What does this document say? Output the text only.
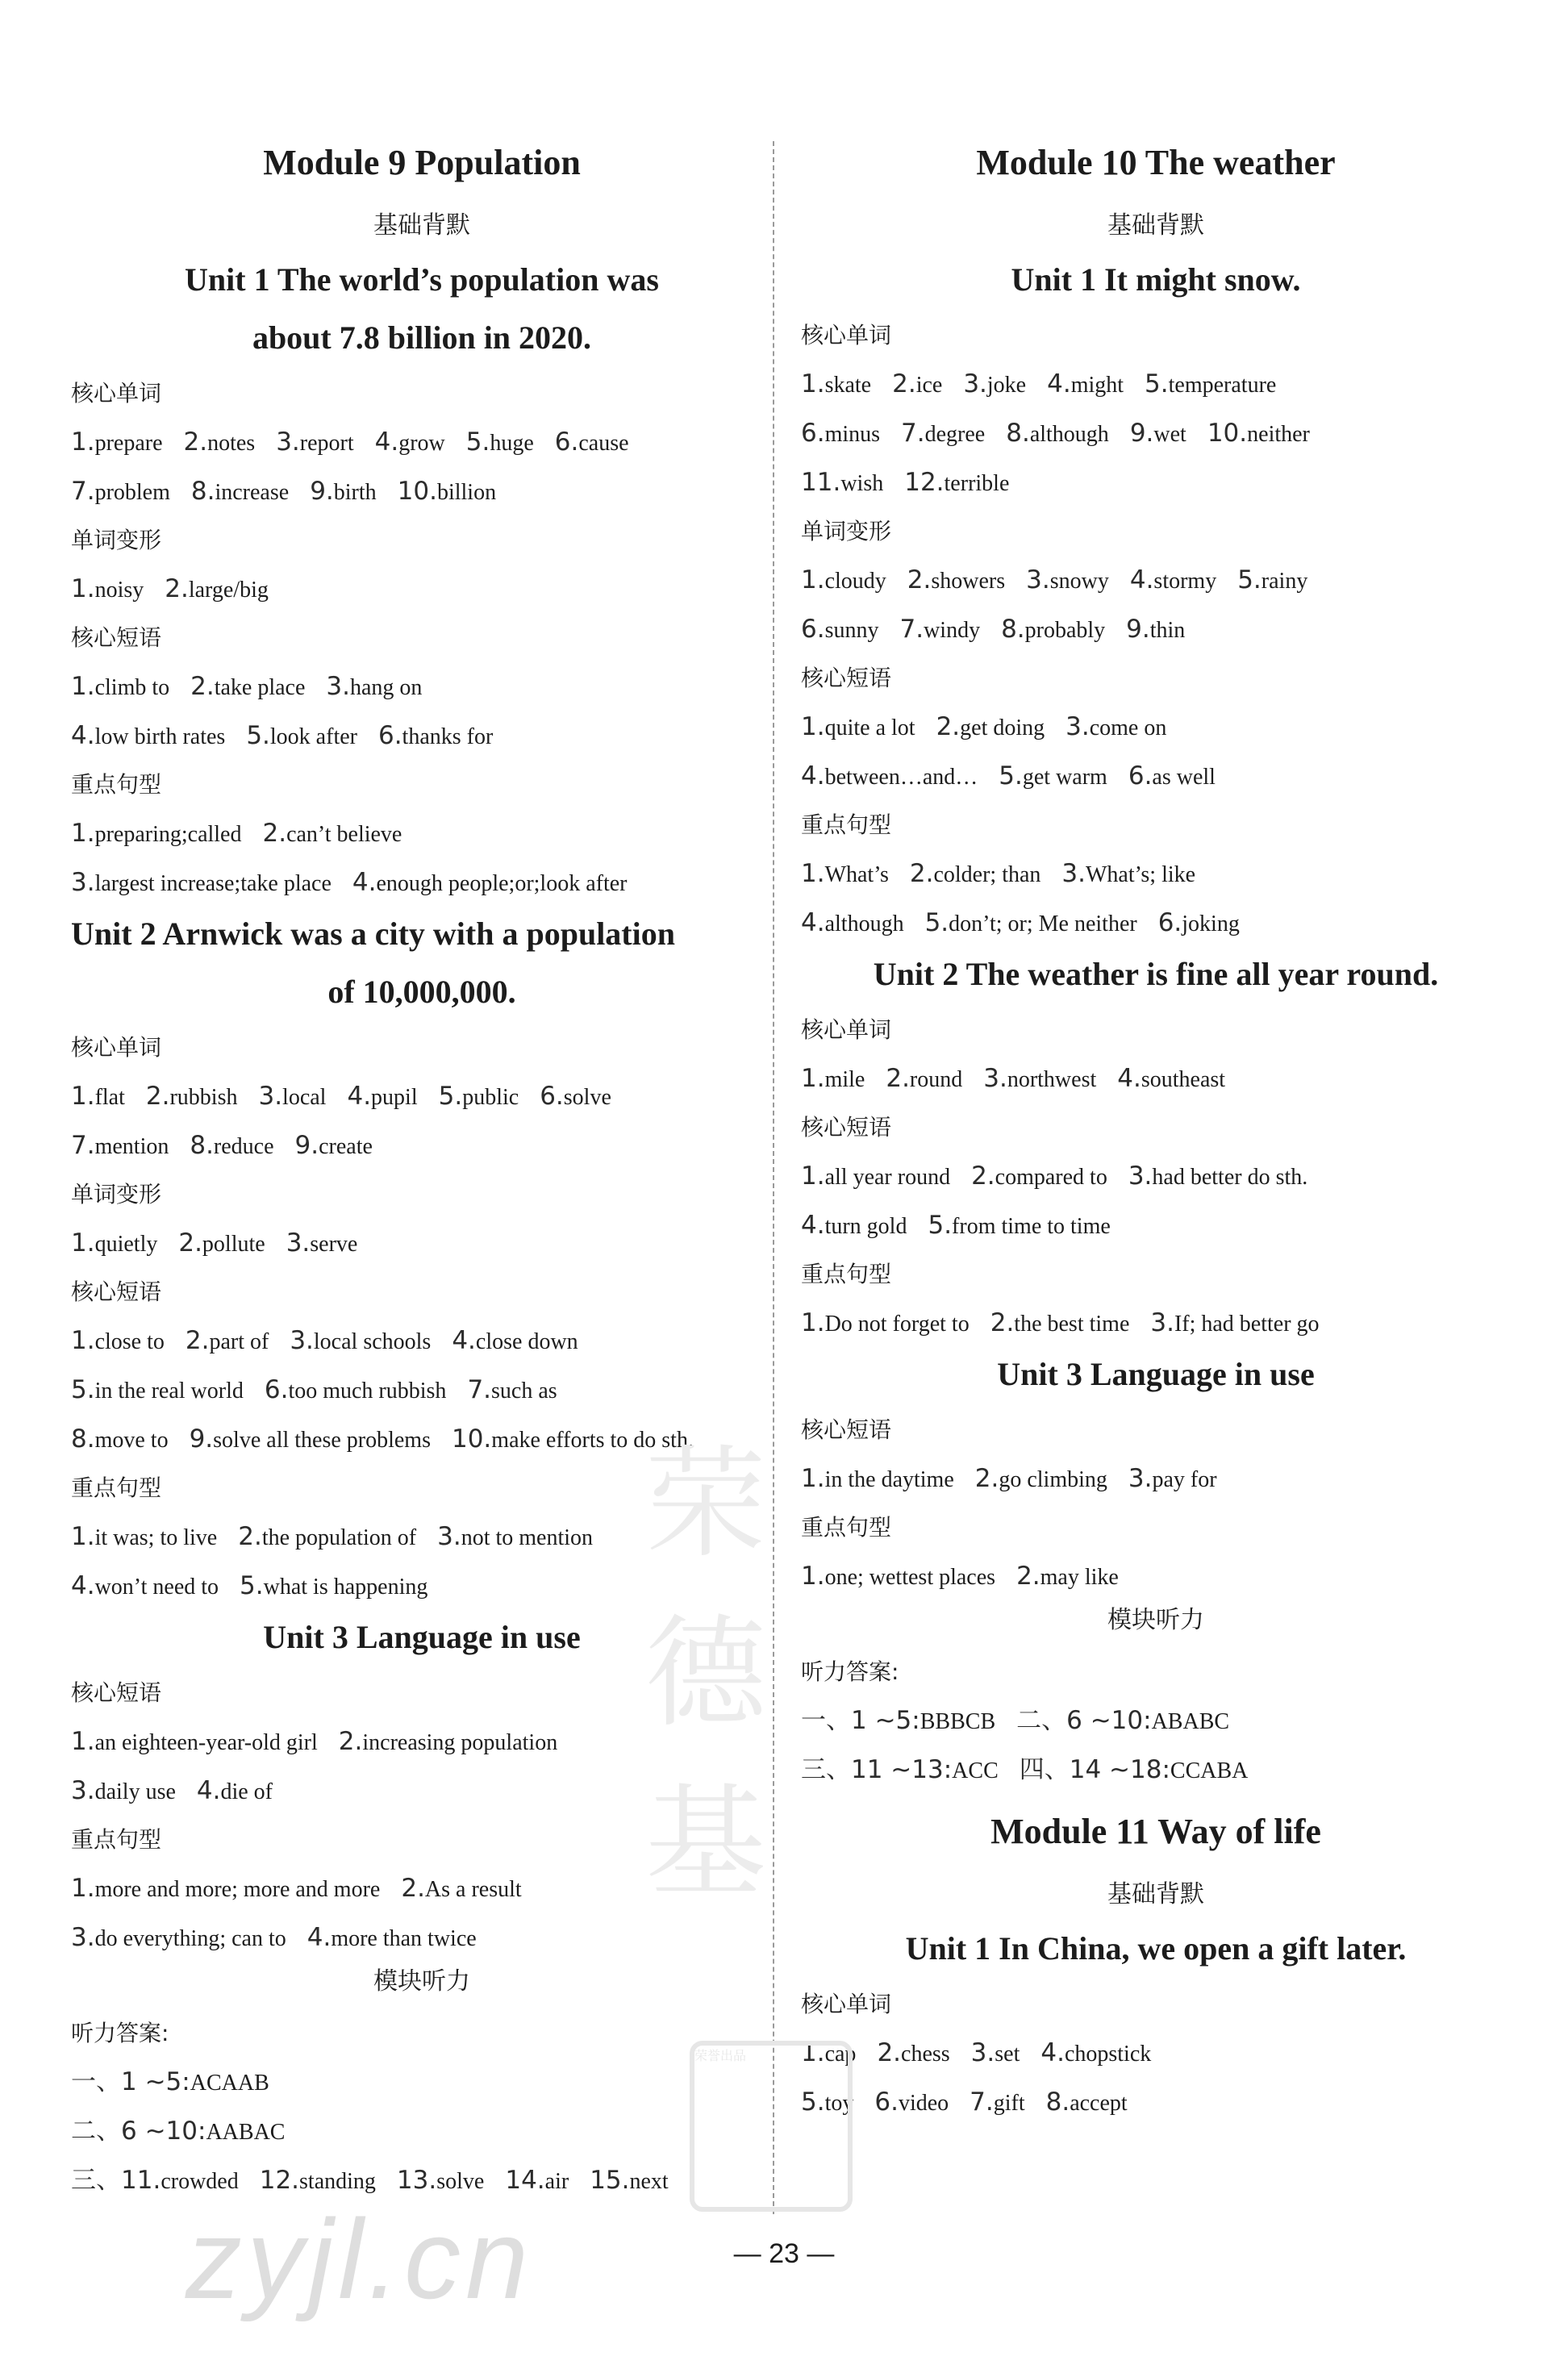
Module 9 Population
基础背默
Unit 1 The world’s population was
about 7.8 billion in 2020.
核心单词
1.prepare 2.notes 3.report 4.grow 5.huge 6.cause
7.problem 8.increase 9.birth 10.billion
单词变形
1.noisy 2.large/big
核心短语
1.climb to 2.take place 3.hang on
4.low birth rates 5.look after 6.thanks for
重点句型
1.preparing;called 2.can’t believe
3.largest increase;take place 4.enough people;or;look after
Unit 2 Arnwick was a city with a population
of 10,000,000.
核心单词
1.flat 2.rubbish 3.local 4.pupil 5.public 6.solve
7.mention 8.reduce 9.create
单词变形
1.quietly 2.pollute 3.serve
核心短语
1.close to 2.part of 3.local schools 4.close down
5.in the real world 6.too much rubbish 7.such as
8.move to 9.solve all these problems 10.make efforts to do sth.
重点句型
1.it was; to live 2.the population of 3.not to mention
4.won’t need to 5.what is happening
Unit 3 Language in use
核心短语
1.an eighteen-year-old girl 2.increasing population
3.daily use 4.die of
重点句型
1.more and more; more and more 2.As a result
3.do everything; can to 4.more than twice
模块听力
听力答案:
一、1 ~5:ACAAB
二、6 ~10:AABAC
三、11.crowded 12.standing 13.solve 14.air 15.next
Module 10 The weather
基础背默
Unit 1 It might snow.
核心单词
1.skate 2.ice 3.joke 4.might 5.temperature
6.minus 7.degree 8.although 9.wet 10.neither
11.wish 12.terrible
单词变形
1.cloudy 2.showers 3.snowy 4.stormy 5.rainy
6.sunny 7.windy 8.probably 9.thin
核心短语
1.quite a lot 2.get doing 3.come on
4.between…and… 5.get warm 6.as well
重点句型
1.What’s 2.colder; than 3.What’s; like
4.although 5.don’t; or; Me neither 6.joking
Unit 2 The weather is fine all year round.
核心单词
1.mile 2.round 3.northwest 4.southeast
核心短语
1.all year round 2.compared to 3.had better do sth.
4.turn gold 5.from time to time
重点句型
1.Do not forget to 2.the best time 3.If; had better go
Unit 3 Language in use
核心短语
1.in the daytime 2.go climbing 3.pay for
重点句型
1.one; wettest places 2.may like
模块听力
听力答案:
一、1 ~5:BBBCB 二、6 ~10:ABABC
三、11 ~13:ACC 四、14 ~18:CCABA
Module 11 Way of life
基础背默
Unit 1 In China, we open a gift later.
核心单词
1.cap 2.chess 3.set 4.chopstick
5.toy 6.video 7.gift 8.accept
— 23 —
荣
德
基
荣誉出品
zyjl.cn
